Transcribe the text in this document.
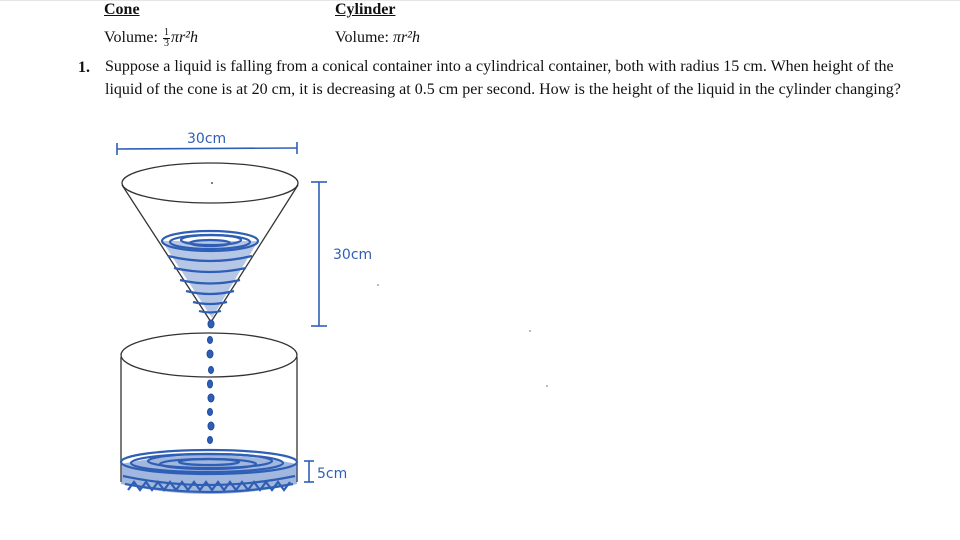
Cone
Volume: $\frac{1}{3} \pi r^2h$
Cylinder
Volume: πr²h
1. Suppose a liquid is falling from a conical container into a cylindrical container, both with radius 15 cm. When height of the liquid of the cone is at 20 cm, it is decreasing at 0.5 cm per second. How is the height of the liquid in the cylinder changing?
30cm
30cm
5cm
